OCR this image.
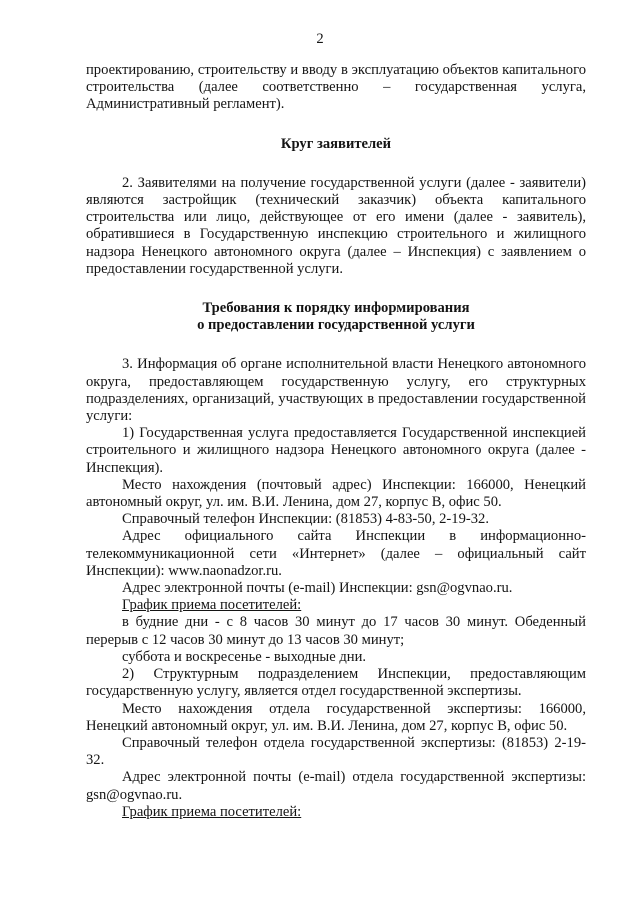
2

проектированию, строительству и вводу в эксплуатацию объектов капитального строительства (далее соответственно – государственная услуга, Административный регламент).

Круг заявителей

2. Заявителями на получение государственной услуги (далее - заявители) являются застройщик (технический заказчик) объекта капитального строительства или лицо, действующее от его имени (далее - заявитель), обратившиеся в Государственную инспекцию строительного и жилищного надзора Ненецкого автономного округа (далее – Инспекция) с заявлением о предоставлении государственной услуги.

Требования к порядку информирования

о предоставлении государственной услуги

3. Информация об органе исполнительной власти Ненецкого автономного округа, предоставляющем государственную услугу, его структурных подразделениях, организаций, участвующих в предоставлении государственной услуги:

1) Государственная услуга предоставляется Государственной инспекцией строительного и жилищного надзора Ненецкого автономного округа (далее - Инспекция).

Место нахождения (почтовый адрес) Инспекции: 166000, Ненецкий автономный округ, ул. им. В.И. Ленина, дом 27, корпус В, офис 50.

Справочный телефон Инспекции: (81853) 4-83-50, 2-19-32.

Адрес официального сайта Инспекции в информационно-телекоммуникационной сети «Интернет» (далее – официальный сайт Инспекции): www.naonadzor.ru.

Адрес электронной почты (e-mail) Инспекции: gsn@ogvnao.ru.

График приема посетителей:

в будние дни - с 8 часов 30 минут до 17 часов 30 минут. Обеденный перерыв с 12 часов 30 минут до 13 часов 30 минут;

суббота и воскресенье - выходные дни.

2) Структурным подразделением Инспекции, предоставляющим государственную услугу, является отдел государственной экспертизы.

Место нахождения отдела государственной экспертизы: 166000, Ненецкий автономный округ, ул. им. В.И. Ленина, дом 27, корпус В, офис 50.

Справочный телефон отдела государственной экспертизы: (81853) 2-19-32.

Адрес электронной почты (e-mail) отдела государственной экспертизы: gsn@ogvnao.ru.

График приема посетителей:
